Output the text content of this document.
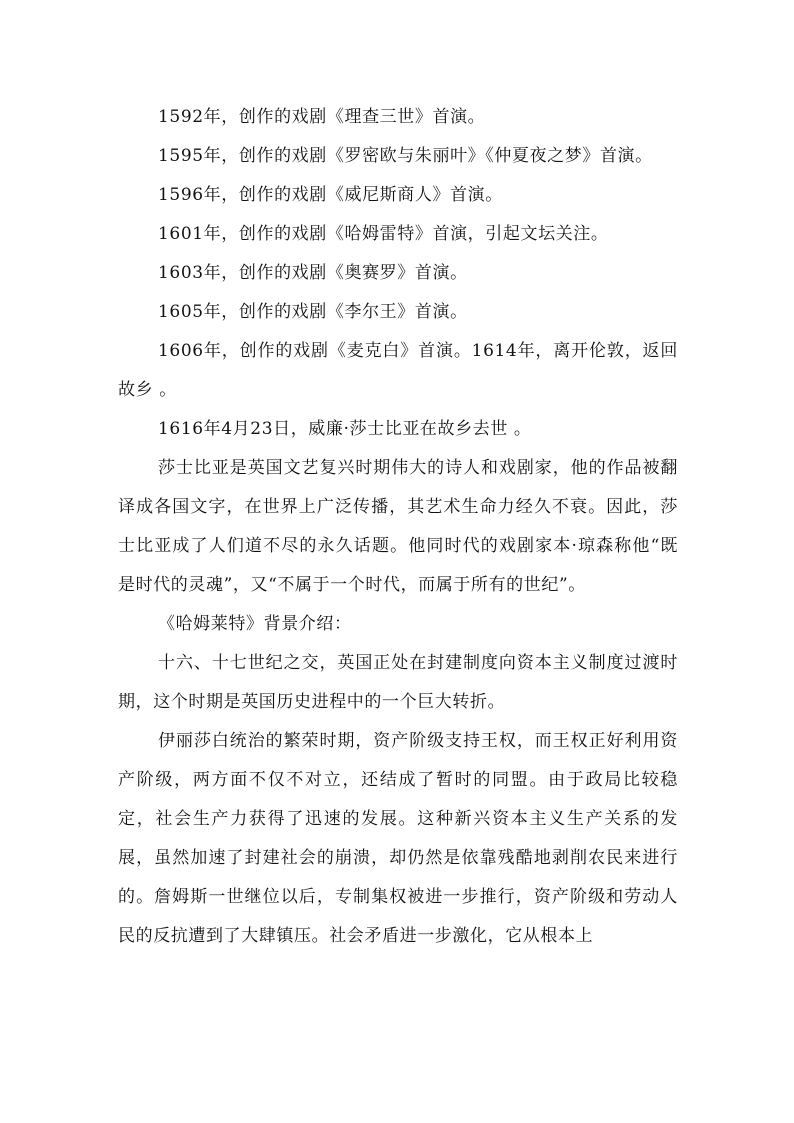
1592年，创作的戏剧《理查三世》首演。

1595年，创作的戏剧《罗密欧与朱丽叶》《仲夏夜之梦》首演。

1596年，创作的戏剧《威尼斯商人》首演。

1601年，创作的戏剧《哈姆雷特》首演，引起文坛关注。

1603年，创作的戏剧《奥赛罗》首演。

1605年，创作的戏剧《李尔王》首演。

1606年，创作的戏剧《麦克白》首演。1614年，离开伦敦，返回故乡 。

1616年4月23日，威廉·莎士比亚在故乡去世 。

莎士比亚是英国文艺复兴时期伟大的诗人和戏剧家，他的作品被翻译成各国文字，在世界上广泛传播，其艺术生命力经久不衰。因此，莎士比亚成了人们道不尽的永久话题。他同时代的戏剧家本·琼森称他“既是时代的灵魂”，又“不属于一个时代，而属于所有的世纪”。

《哈姆莱特》背景介绍：

十六、十七世纪之交，英国正处在封建制度向资本主义制度过渡时期，这个时期是英国历史进程中的一个巨大转折。

伊丽莎白统治的繁荣时期，资产阶级支持王权，而王权正好利用资产阶级，两方面不仅不对立，还结成了暂时的同盟。由于政局比较稳定，社会生产力获得了迅速的发展。这种新兴资本主义生产关系的发展，虽然加速了封建社会的崩溃，却仍然是依靠残酷地剥削农民来进行的。詹姆斯一世继位以后，专制集权被进一步推行，资产阶级和劳动人民的反抗遭到了大肆镇压。社会矛盾进一步激化，它从根本上
